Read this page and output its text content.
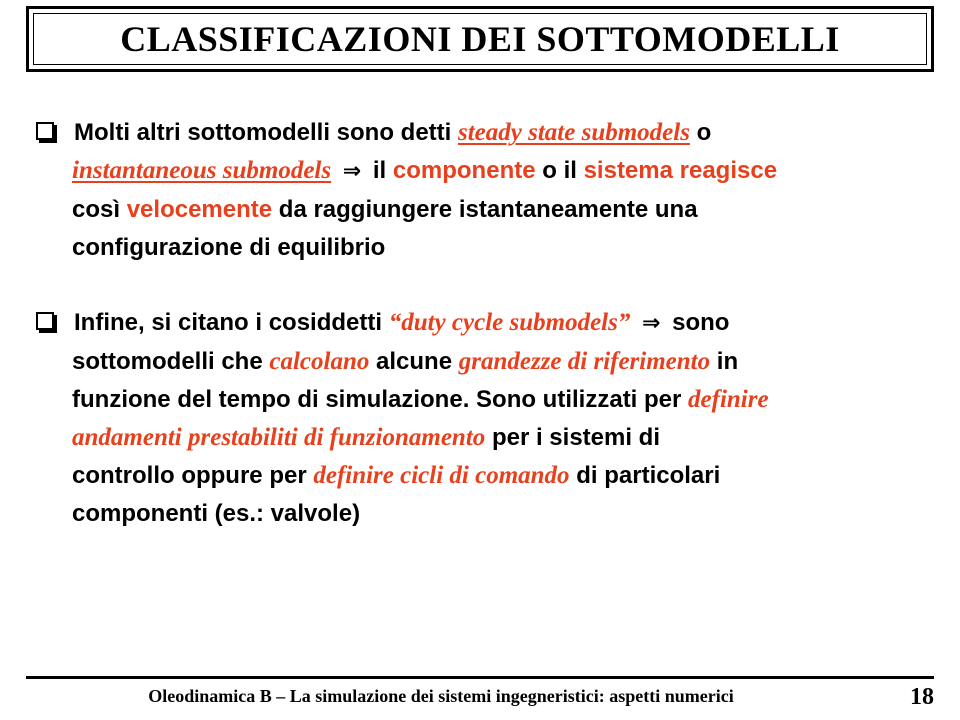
CLASSIFICAZIONI DEI SOTTOMODELLI
Molti altri sottomodelli sono detti steady state submodels o
instantaneous submodels ⇒ il componente o il sistema reagisce
così velocemente da raggiungere istantaneamente una
configurazione di equilibrio
Infine, si citano i cosiddetti “duty cycle submodels” ⇒ sono
sottomodelli che calcolano alcune grandezze di riferimento in
funzione del tempo di simulazione. Sono utilizzati per definire
andamenti prestabiliti di funzionamento per i sistemi di
controllo oppure per definire cicli di comando di particolari
componenti (es.: valvole)
Oleodinamica B – La simulazione dei sistemi ingegneristici: aspetti numerici	18
